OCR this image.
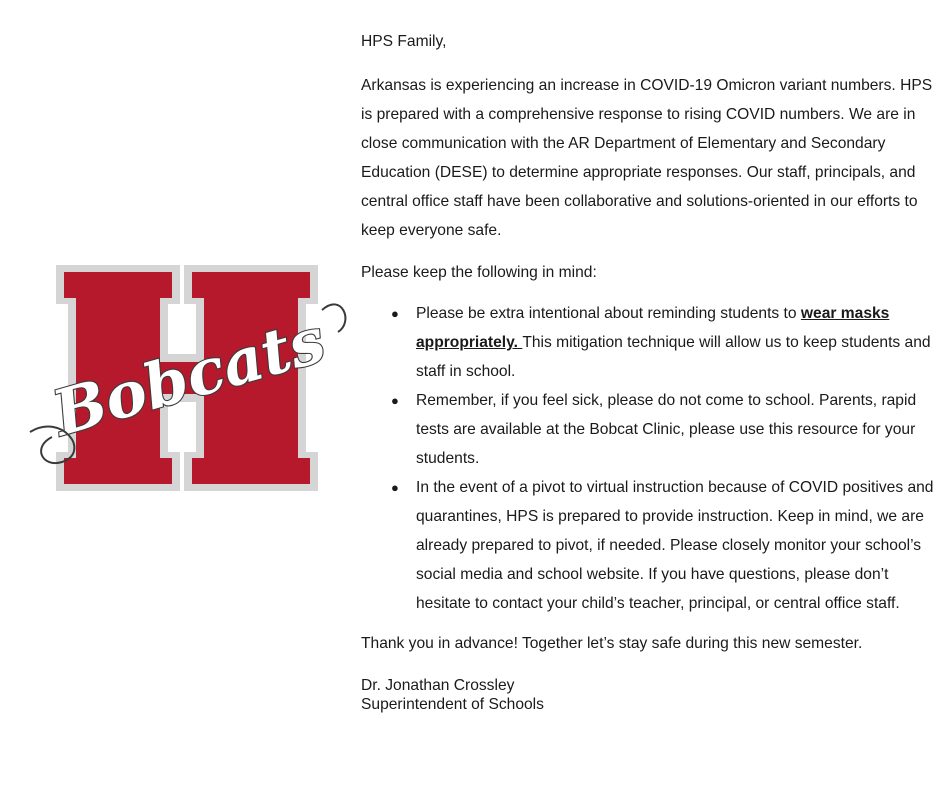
Bobcats

HPS Family,

Arkansas is experiencing an increase in COVID-19 Omicron variant numbers. HPS is prepared with a comprehensive response to rising COVID numbers. We are in close communication with the AR Department of Elementary and Secondary Education (DESE) to determine appropriate responses. Our staff, principals, and central office staff have been collaborative and solutions-oriented in our efforts to keep everyone safe.

Please keep the following in mind:

● Please be extra intentional about reminding students to wear masks appropriately. This mitigation technique will allow us to keep students and staff in school.
● Remember, if you feel sick, please do not come to school. Parents, rapid tests are available at the Bobcat Clinic, please use this resource for your students.
● In the event of a pivot to virtual instruction because of COVID positives and quarantines, HPS is prepared to provide instruction. Keep in mind, we are already prepared to pivot, if needed. Please closely monitor your school’s social media and school website. If you have questions, please don’t hesitate to contact your child’s teacher, principal, or central office staff.

Thank you in advance! Together let’s stay safe during this new semester.

Dr. Jonathan Crossley

Superintendent of Schools
